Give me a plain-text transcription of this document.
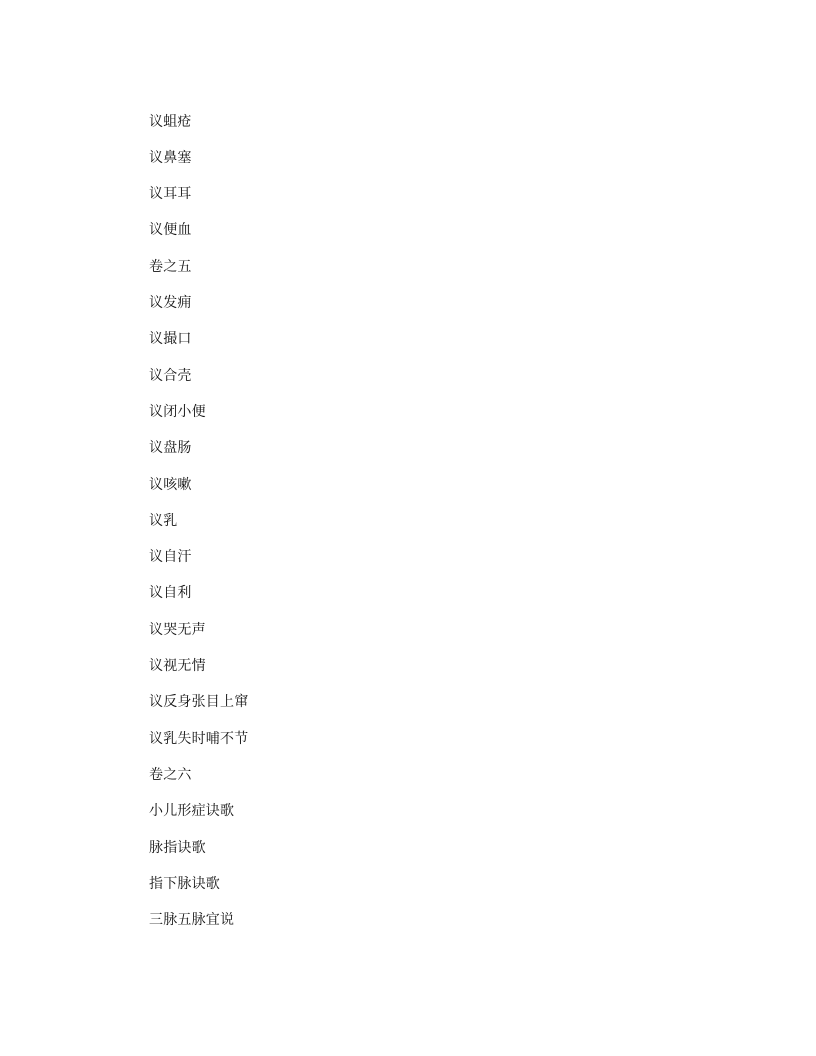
议蛆疮
议鼻塞
议耳耳
议便血
卷之五
议发痈
议撮口
议合壳
议闭小便
议盘肠
议咳嗽
议乳
议自汗
议自利
议哭无声
议视无情
议反身张目上窜
议乳失时哺不节
卷之六
小儿形症诀歌
脉指诀歌
指下脉诀歌
三脉五脉宜说
